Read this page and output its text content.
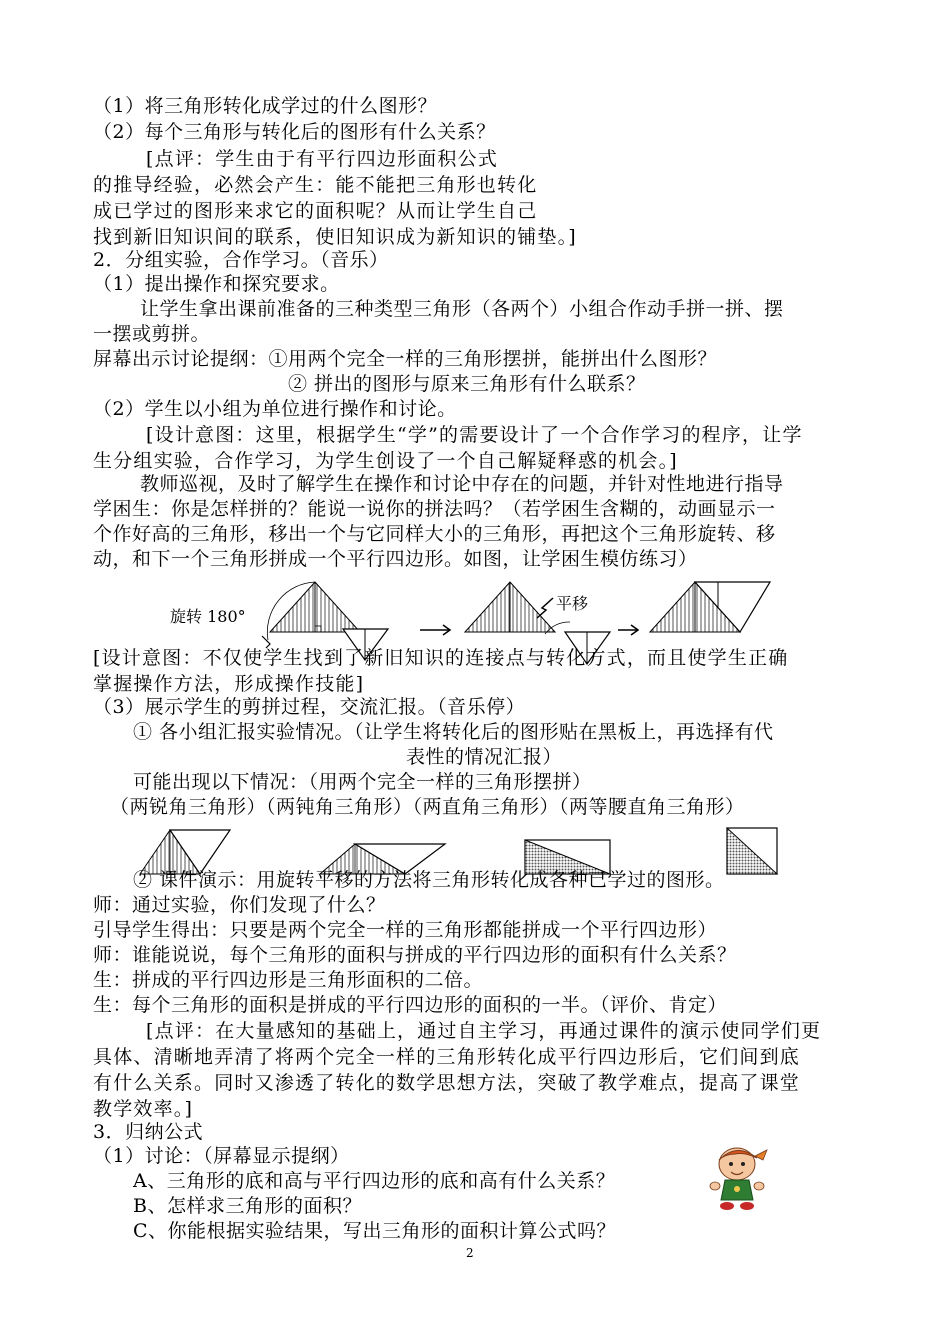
（1）将三角形转化成学过的什么图形？
（2）每个三角形与转化后的图形有什么关系？
[点评：学生由于有平行四边形面积公式
的推导经验，必然会产生：能不能把三角形也转化
成已学过的图形来求它的面积呢？从而让学生自己
找到新旧知识间的联系，使旧知识成为新知识的铺垫。]
2．分组实验，合作学习。（音乐）
（1）提出操作和探究要求。
让学生拿出课前准备的三种类型三角形（各两个）小组合作动手拼一拼、摆
一摆或剪拼。
屏幕出示讨论提纲：①用两个完全一样的三角形摆拼，能拼出什么图形？
② 拼出的图形与原来三角形有什么联系？
（2）学生以小组为单位进行操作和讨论。
[设计意图：这里，根据学生“学”的需要设计了一个合作学习的程序，让学
生分组实验，合作学习，为学生创设了一个自己解疑释惑的机会。]
教师巡视，及时了解学生在操作和讨论中存在的问题，并针对性地进行指导
学困生：你是怎样拼的？能说一说你的拼法吗？（若学困生含糊的，动画显示一
个作好高的三角形，移出一个与它同样大小的三角形，再把这个三角形旋转、移
动，和下一个三角形拼成一个平行四边形。如图，让学困生模仿练习）
旋转 180°
平移
[设计意图：不仅使学生找到了新旧知识的连接点与转化方式，而且使学生正确
掌握操作方法，形成操作技能]
（3）展示学生的剪拼过程，交流汇报。（音乐停）
① 各小组汇报实验情况。（让学生将转化后的图形贴在黑板上，再选择有代
表性的情况汇报）
可能出现以下情况：（用两个完全一样的三角形摆拼）
（两锐角三角形）（两钝角三角形）（两直角三角形）（两等腰直角三角形）
② 课件演示：用旋转平移的方法将三角形转化成各种已学过的图形。
师：通过实验，你们发现了什么？
引导学生得出：只要是两个完全一样的三角形都能拼成一个平行四边形）
师：谁能说说，每个三角形的面积与拼成的平行四边形的面积有什么关系？
生：拼成的平行四边形是三角形面积的二倍。
生：每个三角形的面积是拼成的平行四边形的面积的一半。（评价、肯定）
[点评：在大量感知的基础上，通过自主学习，再通过课件的演示使同学们更
具体、清晰地弄清了将两个完全一样的三角形转化成平行四边形后，它们间到底
有什么关系。同时又渗透了转化的数学思想方法，突破了教学难点，提高了课堂
教学效率。]
3．归纳公式
（1）讨论：（屏幕显示提纲）
A、三角形的底和高与平行四边形的底和高有什么关系？
B、怎样求三角形的面积？
C、你能根据实验结果，写出三角形的面积计算公式吗？
2
